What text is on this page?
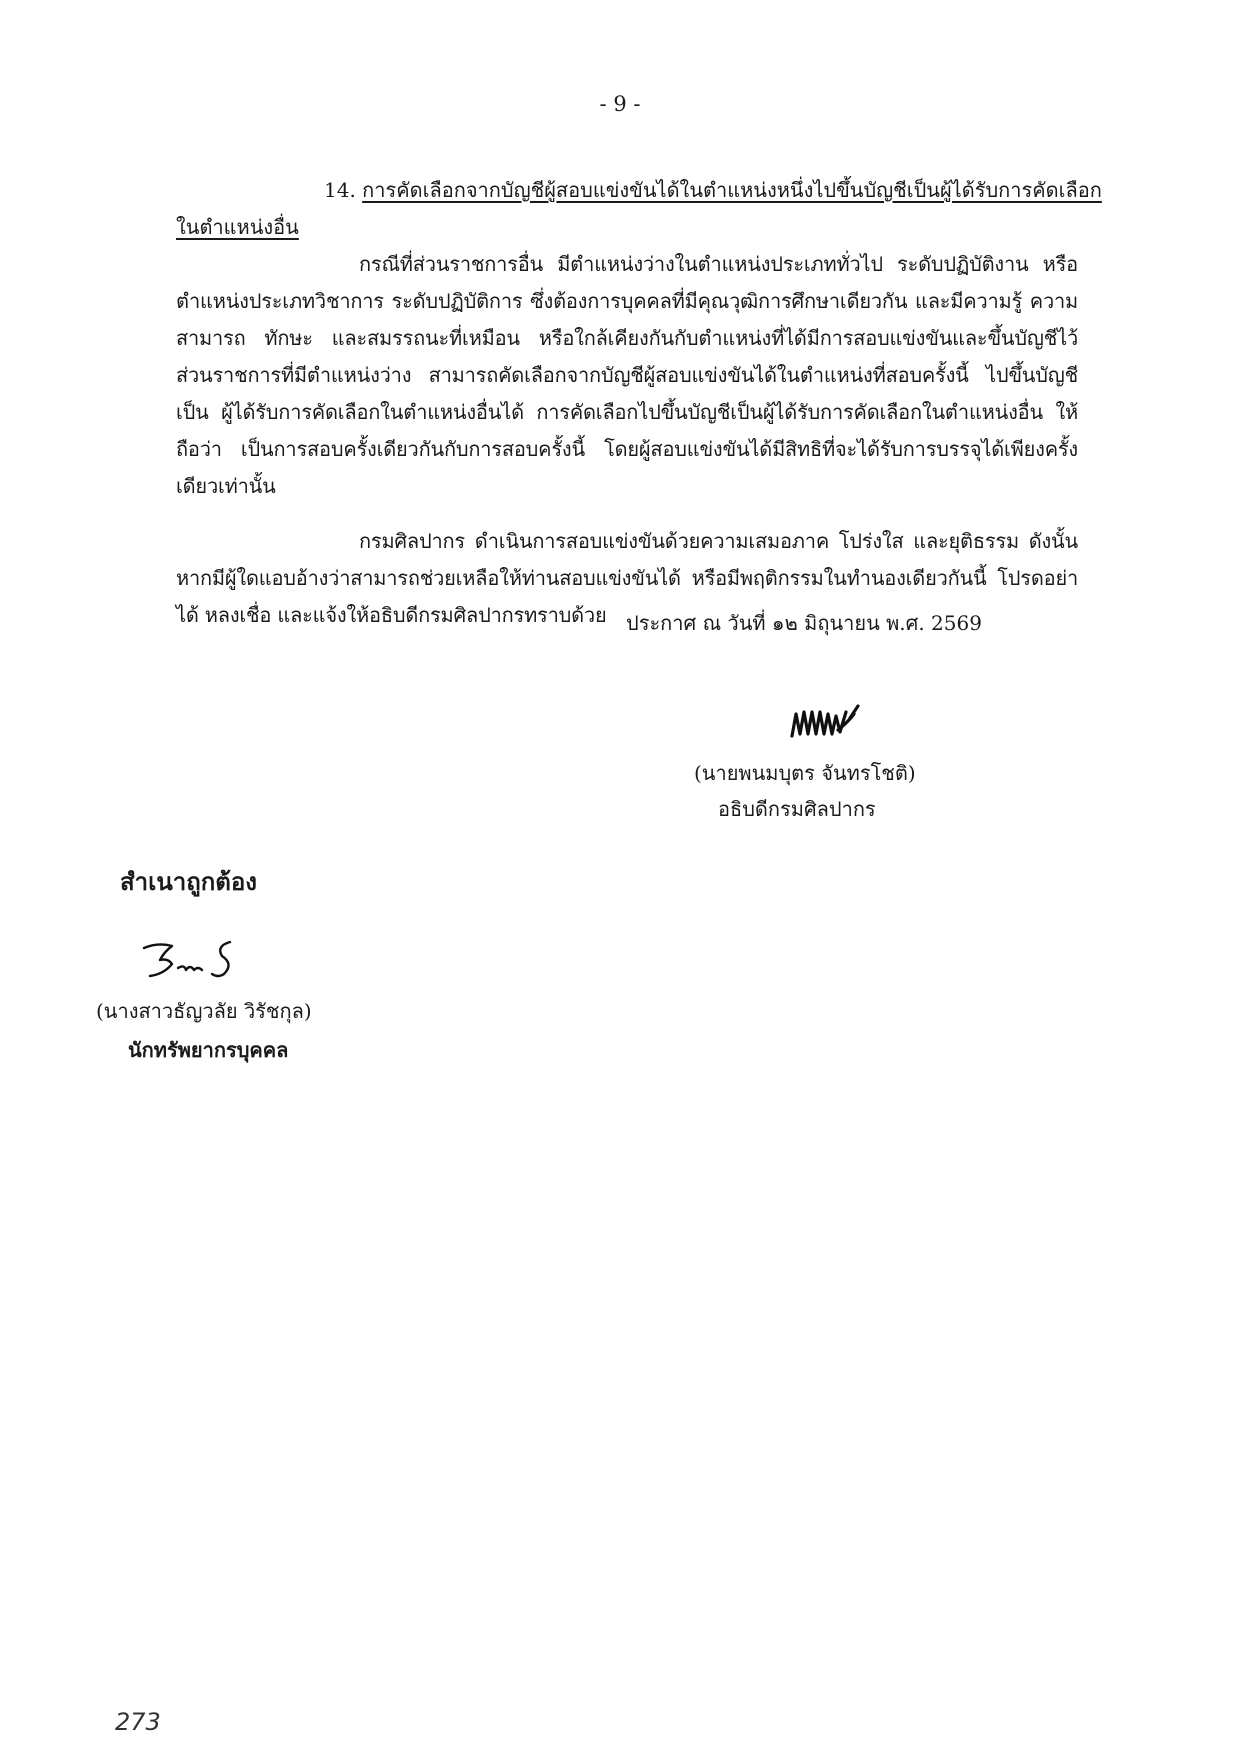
- 9 -

14. การคัดเลือกจากบัญชีผู้สอบแข่งขันได้ในตำแหน่งหนึ่งไปขึ้นบัญชีเป็นผู้ได้รับการคัดเลือก

ในตำแหน่งอื่น

กรณีที่ส่วนราชการอื่น มีตำแหน่งว่างในตำแหน่งประเภททั่วไป ระดับปฏิบัติงาน หรือ ตำแหน่งประเภทวิชาการ ระดับปฏิบัติการ ซึ่งต้องการบุคคลที่มีคุณวุฒิการศึกษาเดียวกัน และมีความรู้ ความสามารถ ทักษะ และสมรรถนะที่เหมือน หรือใกล้เคียงกันกับตำแหน่งที่ได้มีการสอบแข่งขันและขึ้นบัญชีไว้ ส่วนราชการที่มีตำแหน่งว่าง สามารถคัดเลือกจากบัญชีผู้สอบแข่งขันได้ในตำแหน่งที่สอบครั้งนี้ ไปขึ้นบัญชีเป็น ผู้ได้รับการคัดเลือกในตำแหน่งอื่นได้ การคัดเลือกไปขึ้นบัญชีเป็นผู้ได้รับการคัดเลือกในตำแหน่งอื่น ให้ถือว่า เป็นการสอบครั้งเดียวกันกับการสอบครั้งนี้ โดยผู้สอบแข่งขันได้มีสิทธิที่จะได้รับการบรรจุได้เพียงครั้งเดียวเท่านั้น

กรมศิลปากร ดำเนินการสอบแข่งขันด้วยความเสมอภาค โปร่งใส และยุติธรรม ดังนั้น หากมีผู้ใดแอบอ้างว่าสามารถช่วยเหลือให้ท่านสอบแข่งขันได้ หรือมีพฤติกรรมในทำนองเดียวกันนี้ โปรดอย่าได้ หลงเชื่อ และแจ้งให้อธิบดีกรมศิลปากรทราบด้วย ประกาศ ณ วันที่ ๑๒ มิถุนายน พ.ศ. 2569
(นายพนมบุตร จันทรโชติ)
อธิบดีกรมศิลปากร
สำเนาถูกต้อง
(นางสาวธัญวลัย วิรัชกุล)
นักทรัพยากรบุคคล
273
